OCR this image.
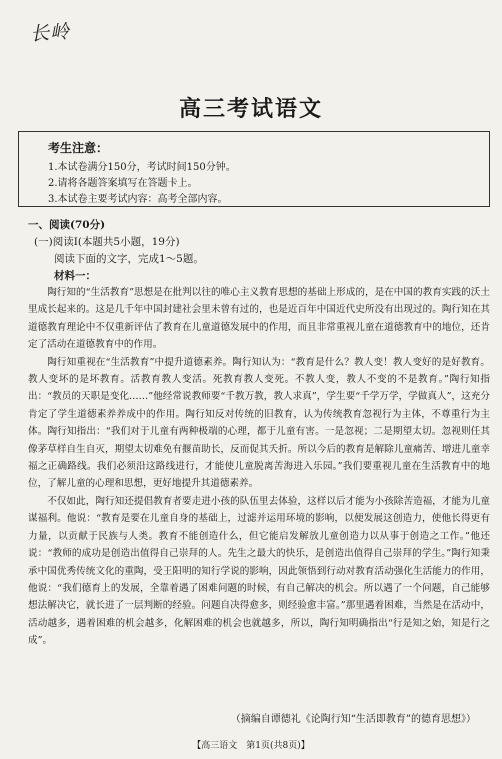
长岭
高三考试语文
考生注意：
1.本试卷满分150分，考试时间150分钟。
2.请将各题答案填写在答题卡上。
3.本试卷主要考试内容：高考全部内容。
一、阅读(70分)
(一)阅读Ⅰ(本题共5小题，19分)
阅读下面的文字，完成1～5题。
材料一：

陶行知的“生活教育”思想是在批判以往的唯心主义教育思想的基础上形成的，是在中国的教育实践的沃土里成长起来的。这是几千年中国封建社会里未曾有过的，也是近百年中国近代史所没有出现过的。陶行知在其道德教育理论中不仅重新评估了教育在儿童道德发展中的作用，而且非常重视儿童在道德教育中的地位，还肯定了活动在道德教育中的作用。

陶行知重视在“生活教育”中提升道德素养。陶行知认为：“教育是什么？教人变！教人变好的是好教育。教人变坏的是坏教育。活教育教人变活。死教育教人变死。不教人变，教人不变的不是教育。”陶行知指出：“教员的天职是变化……”他经常说教师要“千教万教，教人求真”，学生要“千学万学，学做真人”，这充分肯定了学生道德素养养成中的作用。陶行知反对传统的旧教育，认为传统教育忽视行为主体，不尊重行为主体。陶行知指出：“我们对于儿童有两种极端的心理，都于儿童有害。一是忽视；二是期望太切。忽视则任其像茅草样自生自灭，期望太切难免有揠苗助长，反而促其夭折。所以今后的教育是解除儿童痛苦、增进儿童幸福之正确路线。我们必须沿这路线进行，才能使儿童脱离苦海进入乐园。”我们要重视儿童在生活教育中的地位，了解儿童的心理和思想，更好地提升其道德素养。

不仅如此，陶行知还提倡教育者要走进小孩的队伍里去体验，这样以后才能为小孩除苦造福，才能为儿童谋福利。他说：“教育是要在儿童自身的基础上，过滤并运用环境的影响，以便发展这创造力，使他长得更有力量，以贡献于民族与人类。教育不能创造什么，但它能启发解放儿童创造力以从事于创造之工作。”他还说：“教师的成功是创造出值得自己崇拜的人。先生之最大的快乐，是创造出值得自己崇拜的学生。”陶行知秉承中国优秀传统文化的重陶，受王阳明的知行学说的影响，因此领悟到行动对教育活动强化生活能力的作用，他说：“我们德育上的发展，全靠着遇了困难问题的时候，有自己解决的机会。所以遇了一个问题，自己能够想法解决它，就长进了一层判断的经验。问题自决得愈多，则经验愈丰富。”那里遇着困难，当然是在活动中，活动越多，遇着困难的机会越多，化解困难的机会也就越多，所以，陶行知明确指出“行是知之始，知是行之成”。

（摘编自谭德礼《论陶行知“生活即教育”的德育思想》）
【高三语文　第1页(共8页)】
